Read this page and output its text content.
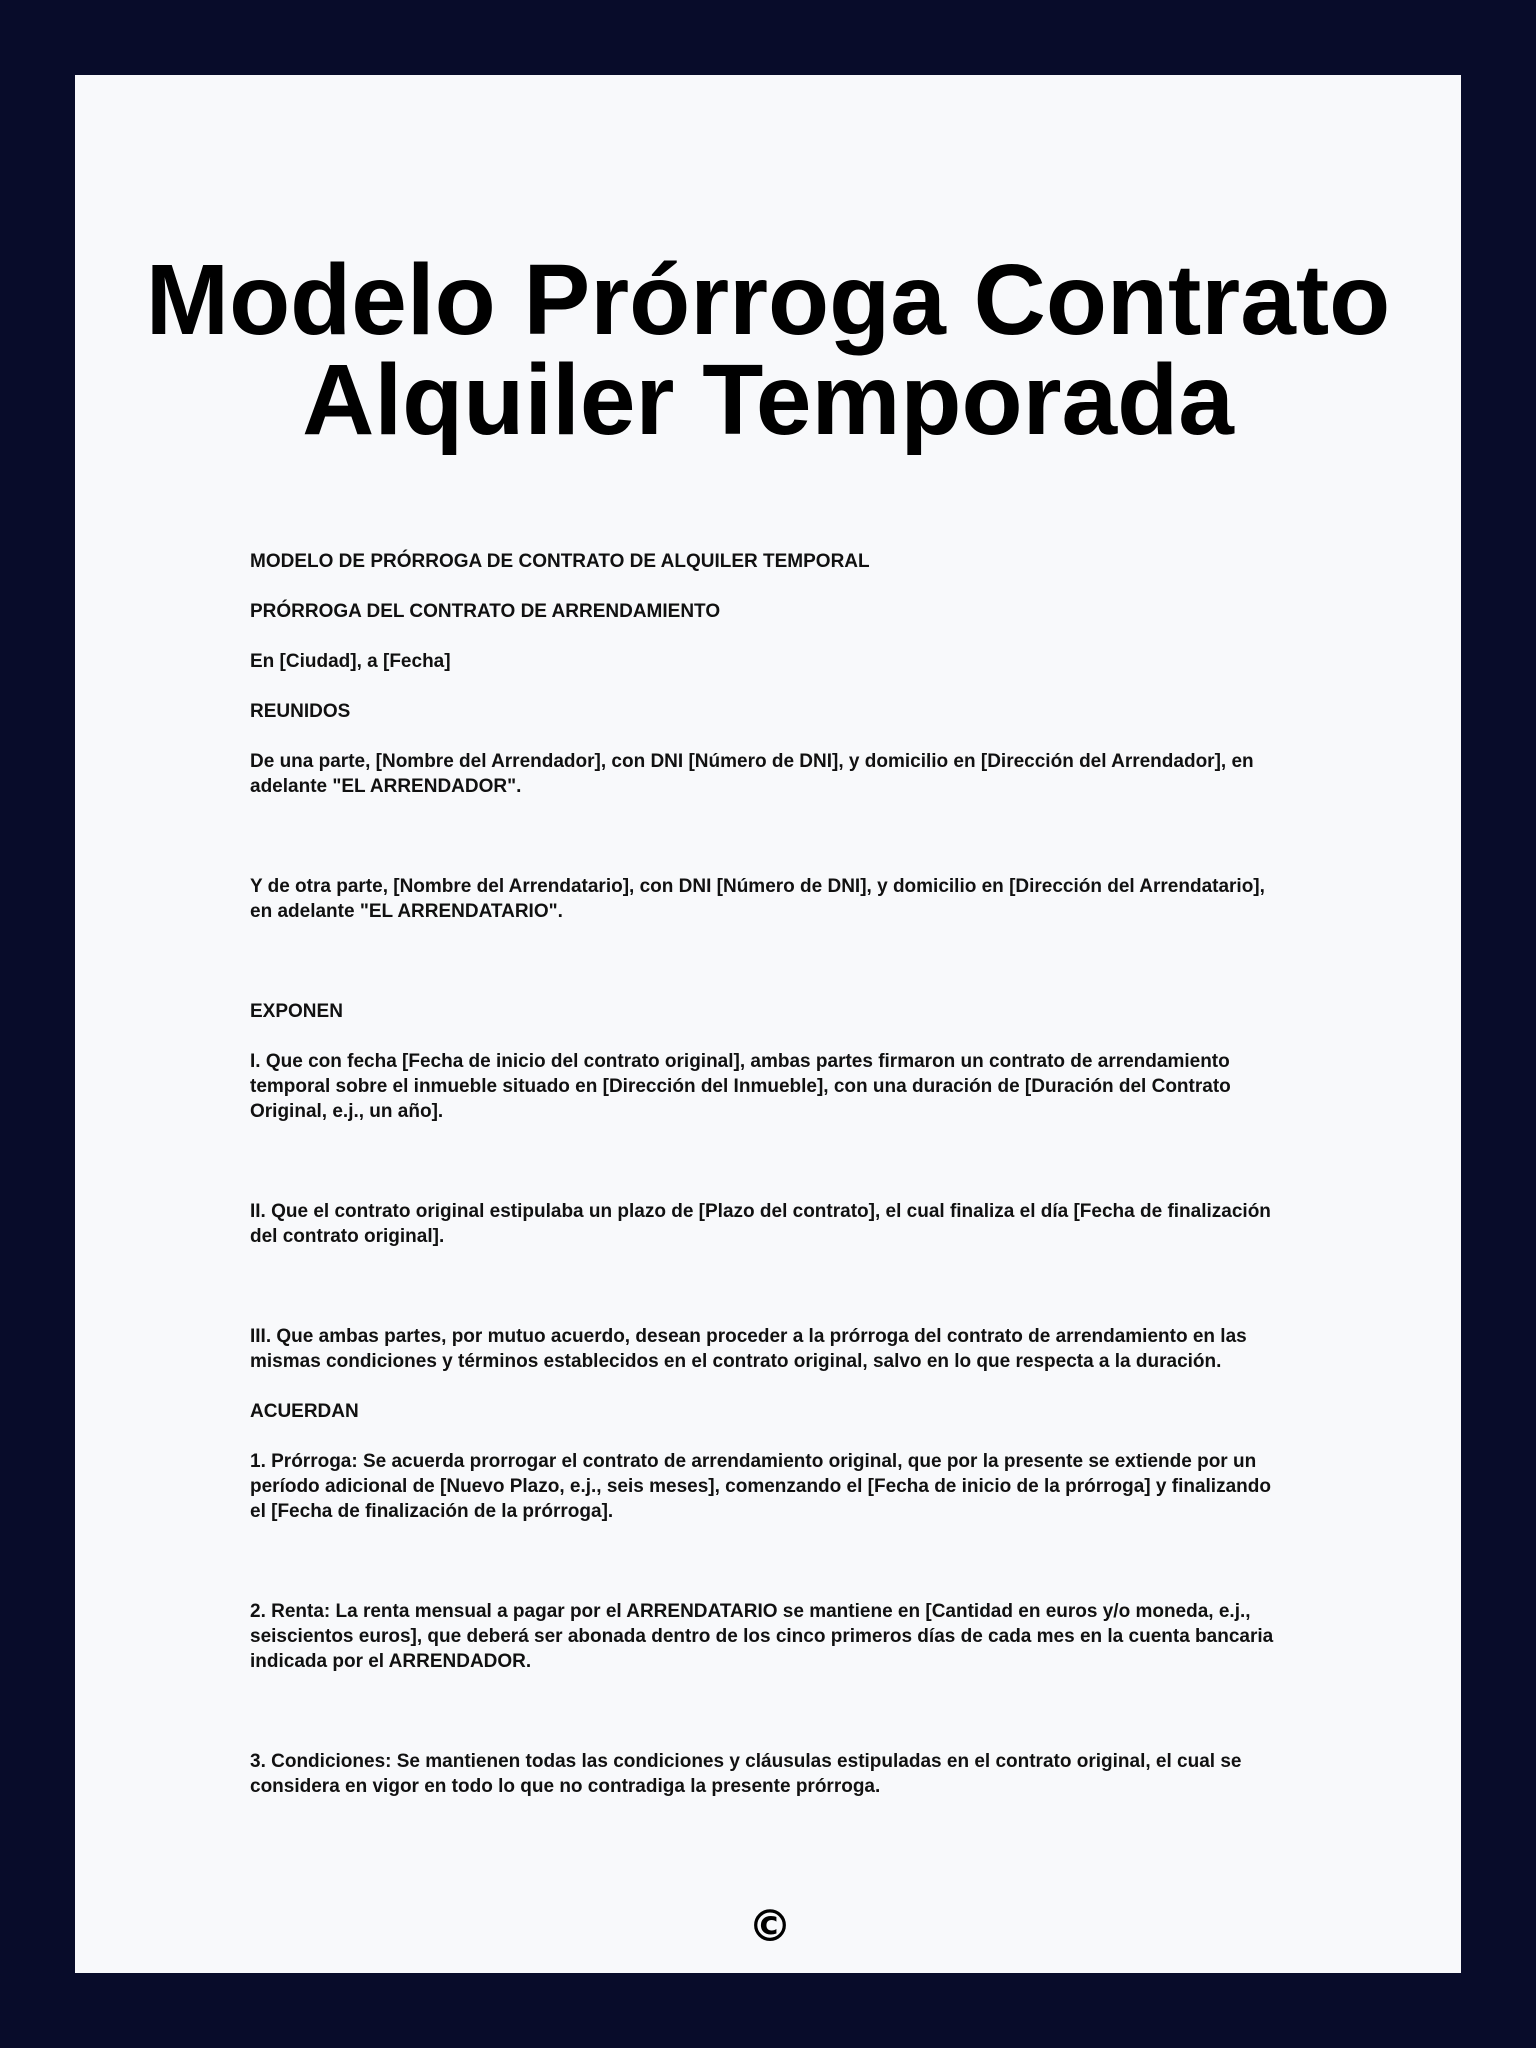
Modelo Prórroga Contrato
Alquiler Temporada

MODELO DE PRÓRROGA DE CONTRATO DE ALQUILER TEMPORAL

PRÓRROGA DEL CONTRATO DE ARRENDAMIENTO

En [Ciudad], a [Fecha]

REUNIDOS

De una parte, [Nombre del Arrendador], con DNI [Número de DNI], y domicilio en [Dirección del Arrendador], en adelante "EL ARRENDADOR".

Y de otra parte, [Nombre del Arrendatario], con DNI [Número de DNI], y domicilio en [Dirección del Arrendatario], en adelante "EL ARRENDATARIO".

EXPONEN

I. Que con fecha [Fecha de inicio del contrato original], ambas partes firmaron un contrato de arrendamiento temporal sobre el inmueble situado en [Dirección del Inmueble], con una duración de [Duración del Contrato Original, e.j., un año].

II. Que el contrato original estipulaba un plazo de [Plazo del contrato], el cual finaliza el día [Fecha de finalización del contrato original].

III. Que ambas partes, por mutuo acuerdo, desean proceder a la prórroga del contrato de arrendamiento en las mismas condiciones y términos establecidos en el contrato original, salvo en lo que respecta a la duración.

ACUERDAN

1. Prórroga: Se acuerda prorrogar el contrato de arrendamiento original, que por la presente se extiende por un período adicional de [Nuevo Plazo, e.j., seis meses], comenzando el [Fecha de inicio de la prórroga] y finalizando el [Fecha de finalización de la prórroga].

2. Renta: La renta mensual a pagar por el ARRENDATARIO se mantiene en [Cantidad en euros y/o moneda, e.j., seiscientos euros], que deberá ser abonada dentro de los cinco primeros días de cada mes en la cuenta bancaria indicada por el ARRENDADOR.

3. Condiciones: Se mantienen todas las condiciones y cláusulas estipuladas en el contrato original, el cual se considera en vigor en todo lo que no contradiga la presente prórroga.

©
